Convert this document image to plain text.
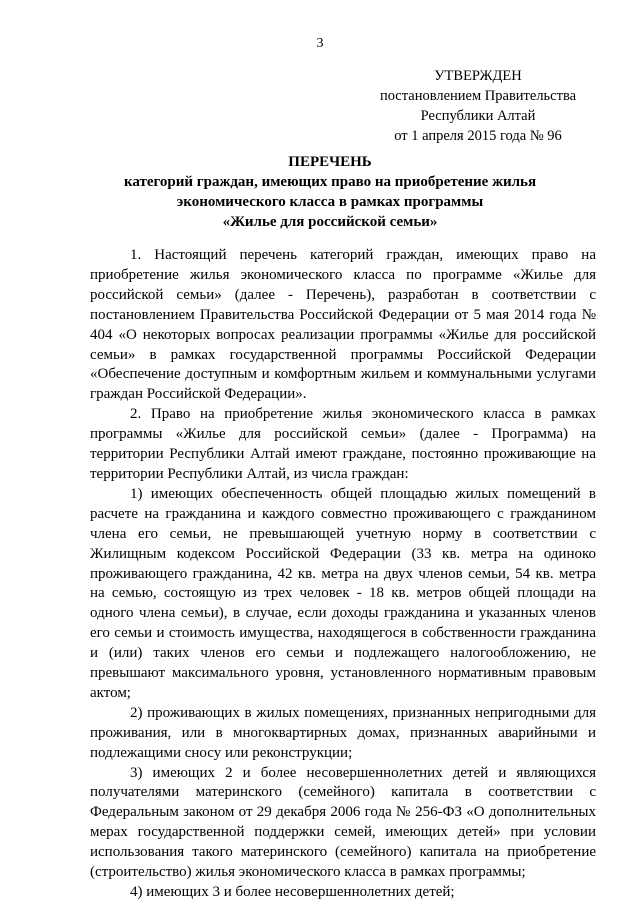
3
УТВЕРЖДЕН
постановлением Правительства
Республики Алтай
от 1 апреля 2015 года № 96
ПЕРЕЧЕНЬ
категорий граждан, имеющих право на приобретение жилья
экономического класса в рамках программы
«Жилье для российской семьи»

1. Настоящий перечень категорий граждан, имеющих право на приобретение жилья экономического класса по программе «Жилье для российской семьи» (далее - Перечень), разработан в соответствии с постановлением Правительства Российской Федерации от 5 мая 2014 года № 404 «О некоторых вопросах реализации программы «Жилье для российской семьи» в рамках государственной программы Российской Федерации «Обеспечение доступным и комфортным жильем и коммунальными услугами граждан Российской Федерации».

2. Право на приобретение жилья экономического класса в рамках программы «Жилье для российской семьи» (далее - Программа) на территории Республики Алтай имеют граждане, постоянно проживающие на территории Республики Алтай, из числа граждан:

1) имеющих обеспеченность общей площадью жилых помещений в расчете на гражданина и каждого совместно проживающего с гражданином члена его семьи, не превышающей учетную норму в соответствии с Жилищным кодексом Российской Федерации (33 кв. метра на одиноко проживающего гражданина, 42 кв. метра на двух членов семьи, 54 кв. метра на семью, состоящую из трех человек - 18 кв. метров общей площади на одного члена семьи), в случае, если доходы гражданина и указанных членов его семьи и стоимость имущества, находящегося в собственности гражданина и (или) таких членов его семьи и подлежащего налогообложению, не превышают максимального уровня, установленного нормативным правовым актом;

2) проживающих в жилых помещениях, признанных непригодными для проживания, или в многоквартирных домах, признанных аварийными и подлежащими сносу или реконструкции;

3) имеющих 2 и более несовершеннолетних детей и являющихся получателями материнского (семейного) капитала в соответствии с Федеральным законом от 29 декабря 2006 года № 256-ФЗ «О дополнительных мерах государственной поддержки семей, имеющих детей» при условии использования такого материнского (семейного) капитала на приобретение (строительство) жилья экономического класса в рамках программы;

4) имеющих 3 и более несовершеннолетних детей;
